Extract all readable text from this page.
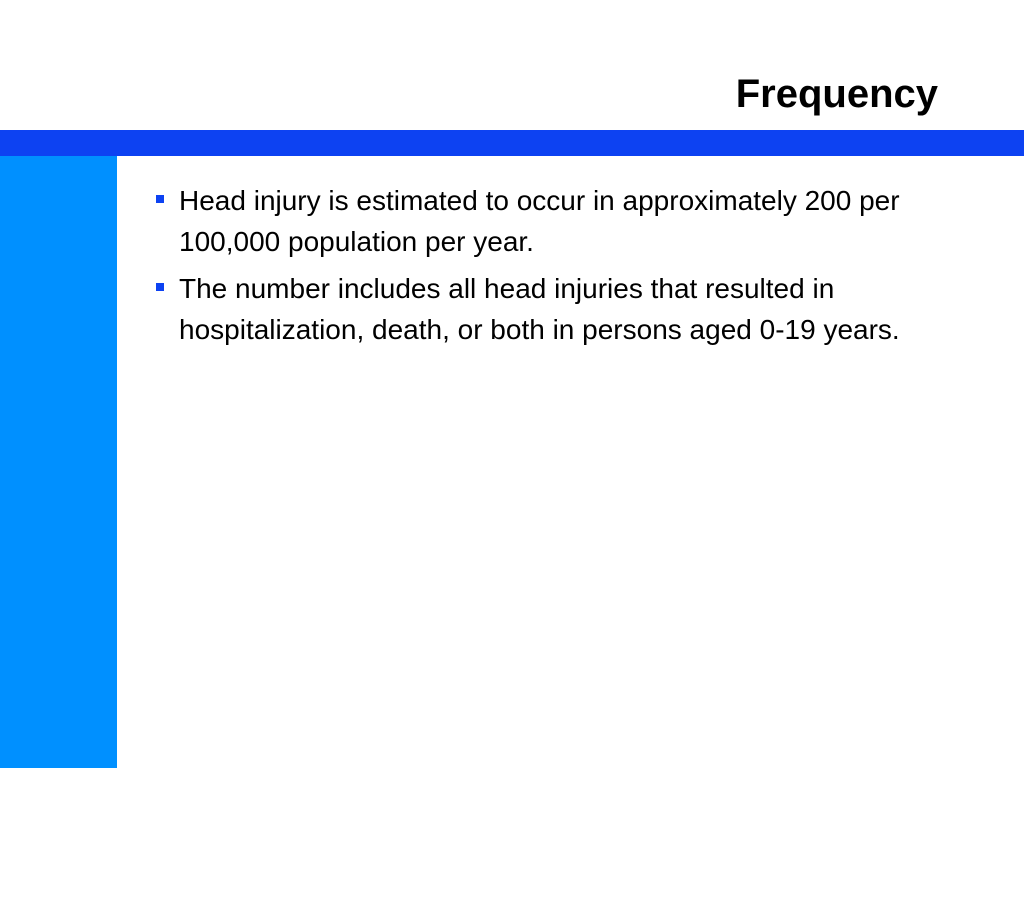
Frequency
6
Head injury is estimated to occur in approximately 200 per 100,000 population per year.
The number includes all head injuries that resulted in hospitalization, death, or both in persons aged 0-19 years.
